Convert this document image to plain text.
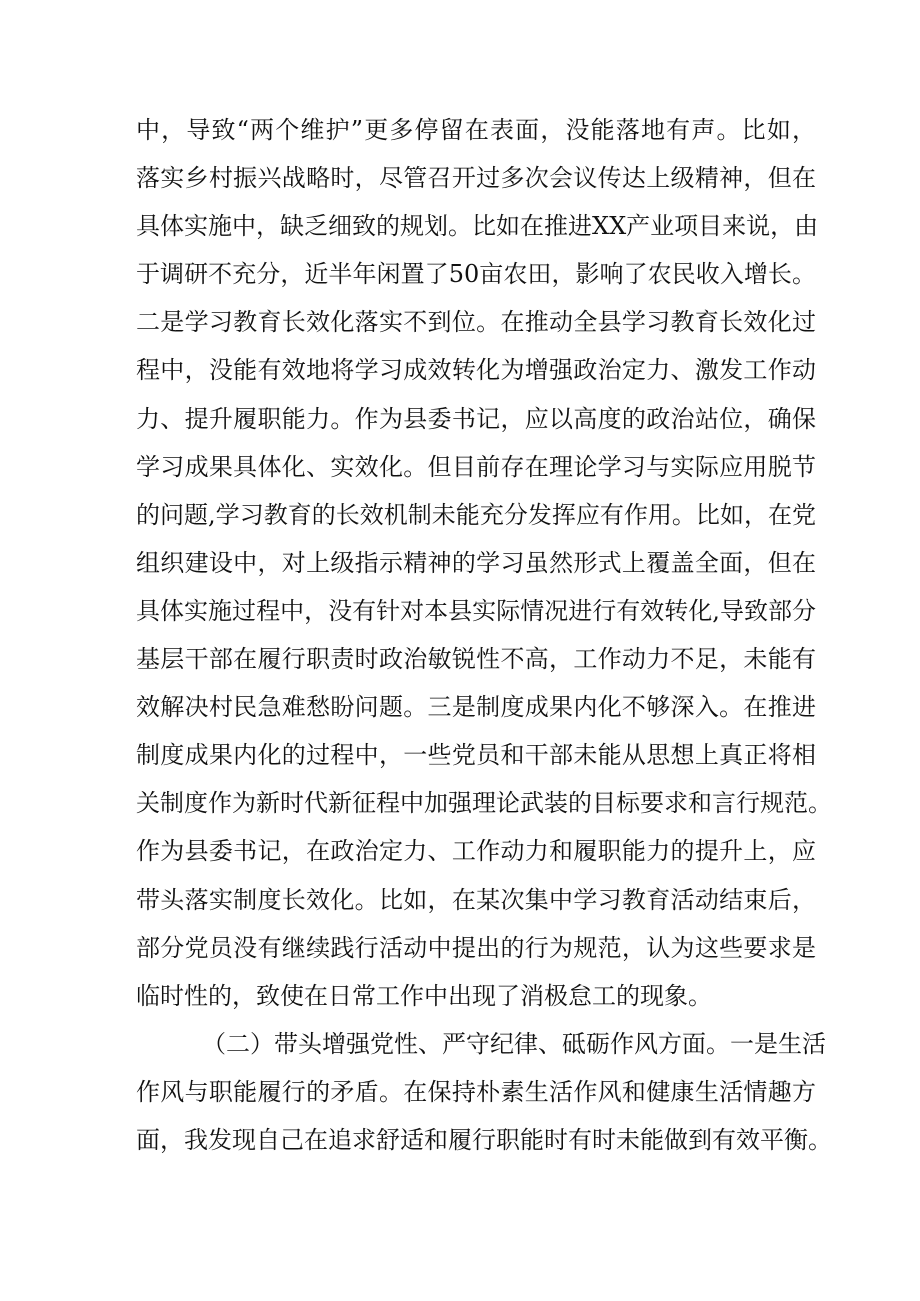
中，导致“两个维护”更多停留在表面，没能落地有声。比如，
落实乡村振兴战略时，尽管召开过多次会议传达上级精神，但在
具体实施中，缺乏细致的规划。比如在推进XX产业项目来说，由
于调研不充分，近半年闲置了50亩农田，影响了农民收入增长。
二是学习教育长效化落实不到位。在推动全县学习教育长效化过
程中，没能有效地将学习成效转化为增强政治定力、激发工作动
力、提升履职能力。作为县委书记，应以高度的政治站位，确保
学习成果具体化、实效化。但目前存在理论学习与实际应用脱节
的问题,学习教育的长效机制未能充分发挥应有作用。比如，在党
组织建设中，对上级指示精神的学习虽然形式上覆盖全面，但在
具体实施过程中，没有针对本县实际情况进行有效转化,导致部分
基层干部在履行职责时政治敏锐性不高，工作动力不足，未能有
效解决村民急难愁盼问题。三是制度成果内化不够深入。在推进
制度成果内化的过程中，一些党员和干部未能从思想上真正将相
关制度作为新时代新征程中加强理论武装的目标要求和言行规范。
作为县委书记，在政治定力、工作动力和履职能力的提升上，应
带头落实制度长效化。比如，在某次集中学习教育活动结束后，
部分党员没有继续践行活动中提出的行为规范，认为这些要求是
临时性的，致使在日常工作中出现了消极怠工的现象。
（二）带头增强党性、严守纪律、砥砺作风方面。一是生活
作风与职能履行的矛盾。在保持朴素生活作风和健康生活情趣方
面，我发现自己在追求舒适和履行职能时有时未能做到有效平衡。
